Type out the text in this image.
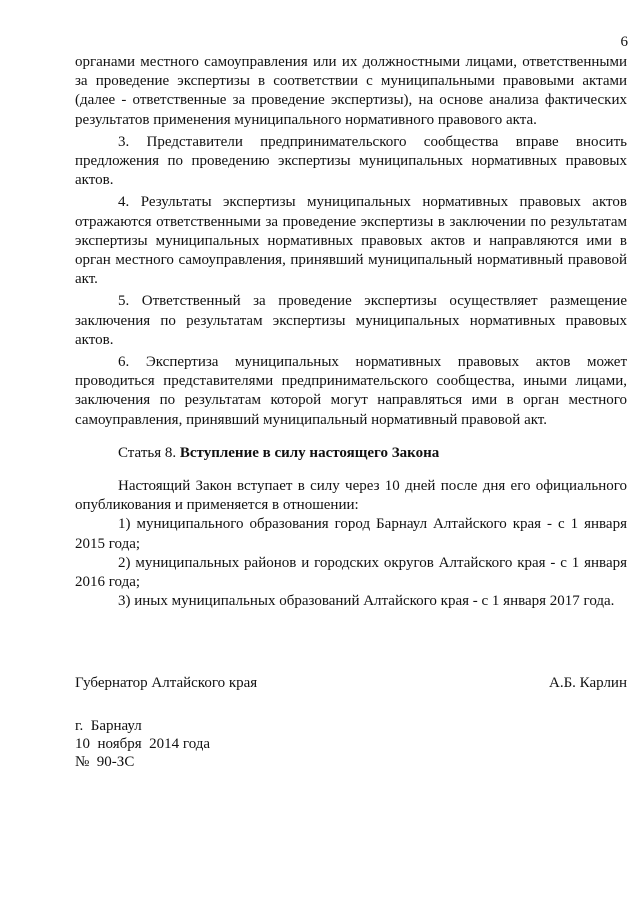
6

органами местного самоуправления или их должностными лицами, ответственными за проведение экспертизы в соответствии с муниципальными правовыми актами (далее - ответственные за проведение экспертизы), на основе анализа фактических результатов применения муниципального нормативного правового акта.

3. Представители предпринимательского сообщества вправе вносить предложения по проведению экспертизы муниципальных нормативных правовых актов.

4. Результаты экспертизы муниципальных нормативных правовых актов отражаются ответственными за проведение экспертизы в заключении по результатам экспертизы муниципальных нормативных правовых актов и направляются ими в орган местного самоуправления, принявший муниципальный нормативный правовой акт.

5. Ответственный за проведение экспертизы осуществляет размещение заключения по результатам экспертизы муниципальных нормативных правовых актов.

6. Экспертиза муниципальных нормативных правовых актов может проводиться представителями предпринимательского сообщества, иными лицами, заключения по результатам которой могут направляться ими в орган местного самоуправления, принявший муниципальный нормативный правовой акт.

Статья 8. Вступление в силу настоящего Закона

Настоящий Закон вступает в силу через 10 дней после дня его официального опубликования и применяется в отношении:

1) муниципального образования город Барнаул Алтайского края - с 1 января 2015 года;

2) муниципальных районов и городских округов Алтайского края - с 1 января 2016 года;

3) иных муниципальных образований Алтайского края - с 1 января 2017 года.

Губернатор Алтайского края	А.Б. Карлин
г.  Барнаул
10  ноября  2014 года
№  90-ЗС
